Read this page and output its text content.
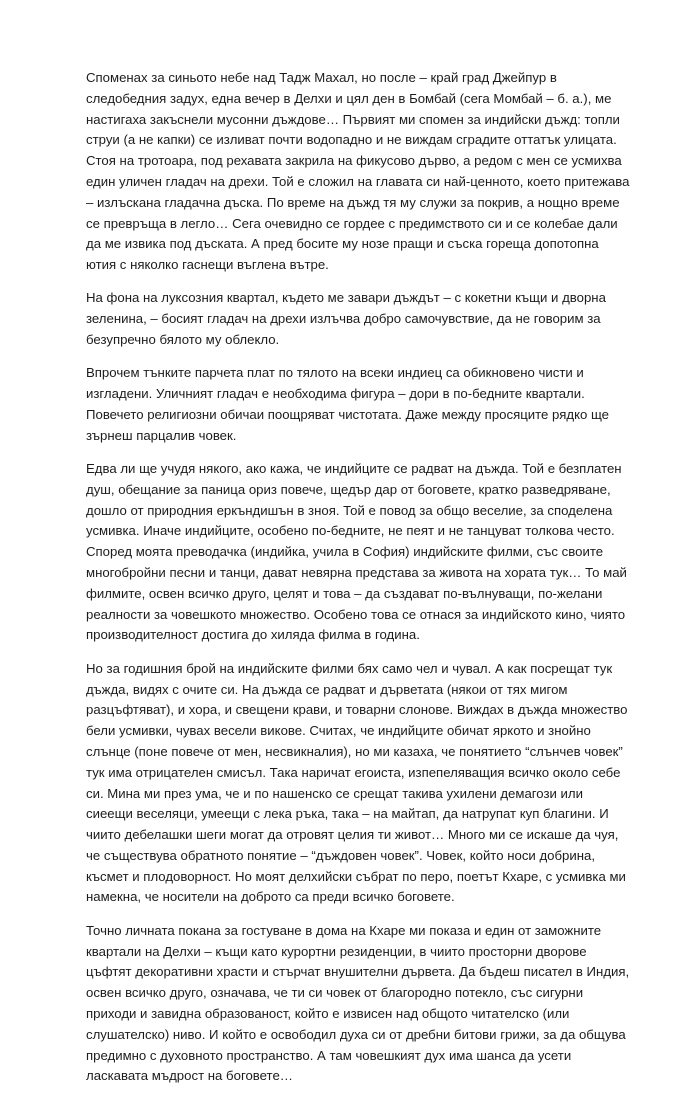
Споменах за синьото небе над Тадж Махал, но после – край град Джейпур в следобедния задух, една вечер в Делхи и цял ден в Бомбай (сега Момбай – б. а.), ме настигаха закъснели мусонни дъждове… Първият ми спомен за индийски дъжд: топли струи (а не капки) се изливат почти водопадно и не виждам сградите оттатък улицата. Стоя на тротоара, под рехавата закрила на фикусово дърво, а редом с мен се усмихва един уличен гладач на дрехи. Той е сложил на главата си най-ценното, което притежава – излъскана гладачна дъска. По време на дъжд тя му служи за покрив, а нощно време се превръща в легло… Сега очевидно се гордее с предимството си и се колебае дали да ме извика под дъската. А пред босите му нозе пращи и съска гореща допотопна ютия с няколко гаснещи въглена вътре.

На фона на луксозния квартал, където ме завари дъждът – с кокетни къщи и дворна зеленина, – босият гладач на дрехи излъчва добро самочувствие, да не говорим за безупречно бялото му облекло.

Впрочем тънките парчета плат по тялото на всеки индиец са обикновено чисти и изгладени. Уличният гладач е необходима фигура – дори в по-бедните квартали. Повечето религиозни обичаи поощряват чистотата. Даже между просяците рядко ще зърнеш парцалив човек.

Едва ли ще учудя някого, ако кажа, че индийците се радват на дъжда. Той е безплатен душ, обещание за паница ориз повече, щедър дар от боговете, кратко разведряване, дошло от природния еркъндишън в зноя. Той е повод за общо веселие, за споделена усмивка. Иначе индийците, особено по-бедните, не пеят и не танцуват толкова често. Според моята преводачка (индийка, учила в София) индийските филми, със своите многобройни песни и танци, дават невярна представа за живота на хората тук… То май филмите, освен всичко друго, целят и това – да създават по-вълнуващи, по-желани реалности за човешкото множество. Особено това се отнася за индийското кино, чиято производителност достига до хиляда филма в година.

Но за годишния брой на индийските филми бях само чел и чувал. А как посрещат тук дъжда, видях с очите си. На дъжда се радват и дърветата (някои от тях мигом разцъфтяват), и хора, и свещени крави, и товарни слонове. Виждах в дъжда множество бели усмивки, чувах весели викове. Считах, че индийците обичат яркото и знойно слънце (поне повече от мен, несвикналия), но ми казаха, че понятието “слънчев човек” тук има отрицателен смисъл. Така наричат егоиста, изпепеляващия всичко около себе си. Мина ми през ума, че и по нашенско се срещат такива ухилени демагози или сиеещи веселяци, умеещи с лека ръка, така – на майтап, да натрупат куп благини. И чиито дебелашки шеги могат да отровят целия ти живот… Много ми се искаше да чуя, че съществува обратното понятие – “дъждовен човек”. Човек, който носи добрина, късмет и плодоворност. Но моят делхийски събрат по перо, поетът Кхаре, с усмивка ми намекна, че носители на доброто са преди всичко боговете.

Точно личната покана за гостуване в дома на Кхаре ми показа и един от заможните квартали на Делхи – къщи като курортни резиденции, в чиито просторни дворове цъфтят декоративни храсти и стърчат внушителни дървета. Да бъдеш писател в Индия, освен всичко друго, означава, че ти си човек от благородно потекло, със сигурни приходи и завидна образованост, който е извисен над общото читателско (или слушателско) ниво. И който е освободил духа си от дребни битови грижи, за да общува предимно с духовното пространство. А там човешкият дух има шанса да усети ласкавата мъдрост на боговете…
